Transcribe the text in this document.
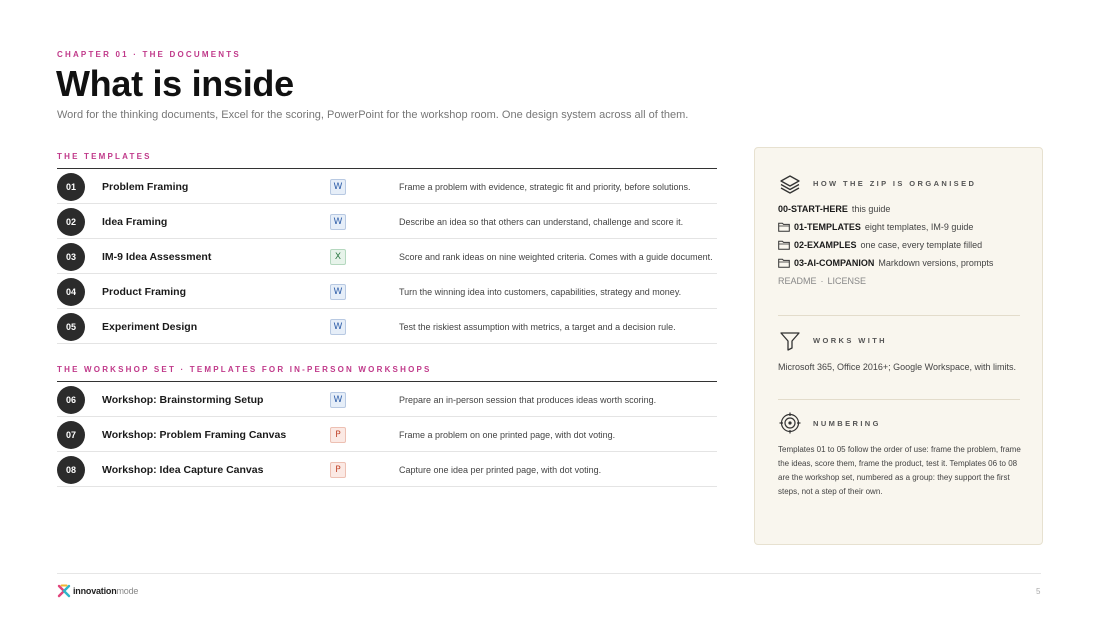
CHAPTER 01 · THE DOCUMENTS
What is inside
Word for the thinking documents, Excel for the scoring, PowerPoint for the workshop room. One design system across all of them.
THE TEMPLATES
01	Problem Framing	W	Frame a problem with evidence, strategic fit and priority, before solutions.
02	Idea Framing	W	Describe an idea so that others can understand, challenge and score it.
03	IM-9 Idea Assessment	X	Score and rank ideas on nine weighted criteria. Comes with a guide document.
04	Product Framing	W	Turn the winning idea into customers, capabilities, strategy and money.
05	Experiment Design	W	Test the riskiest assumption with metrics, a target and a decision rule.
THE WORKSHOP SET · TEMPLATES FOR IN-PERSON WORKSHOPS
06	Workshop: Brainstorming Setup	W	Prepare an in-person session that produces ideas worth scoring.
07	Workshop: Problem Framing Canvas	P	Frame a problem on one printed page, with dot voting.
08	Workshop: Idea Capture Canvas	P	Capture one idea per printed page, with dot voting.
HOW THE ZIP IS ORGANISED
00-START-HERE this guide
01-TEMPLATES eight templates, IM-9 guide
02-EXAMPLES one case, every template filled
03-AI-COMPANION Markdown versions, prompts
README · LICENSE
WORKS WITH
Microsoft 365, Office 2016+; Google Workspace, with limits.
NUMBERING
Templates 01 to 05 follow the order of use: frame the problem, frame the ideas, score them, frame the product, test it. Templates 06 to 08 are the workshop set, numbered as a group: they support the first steps, not a step of their own.
innovationmode	5
